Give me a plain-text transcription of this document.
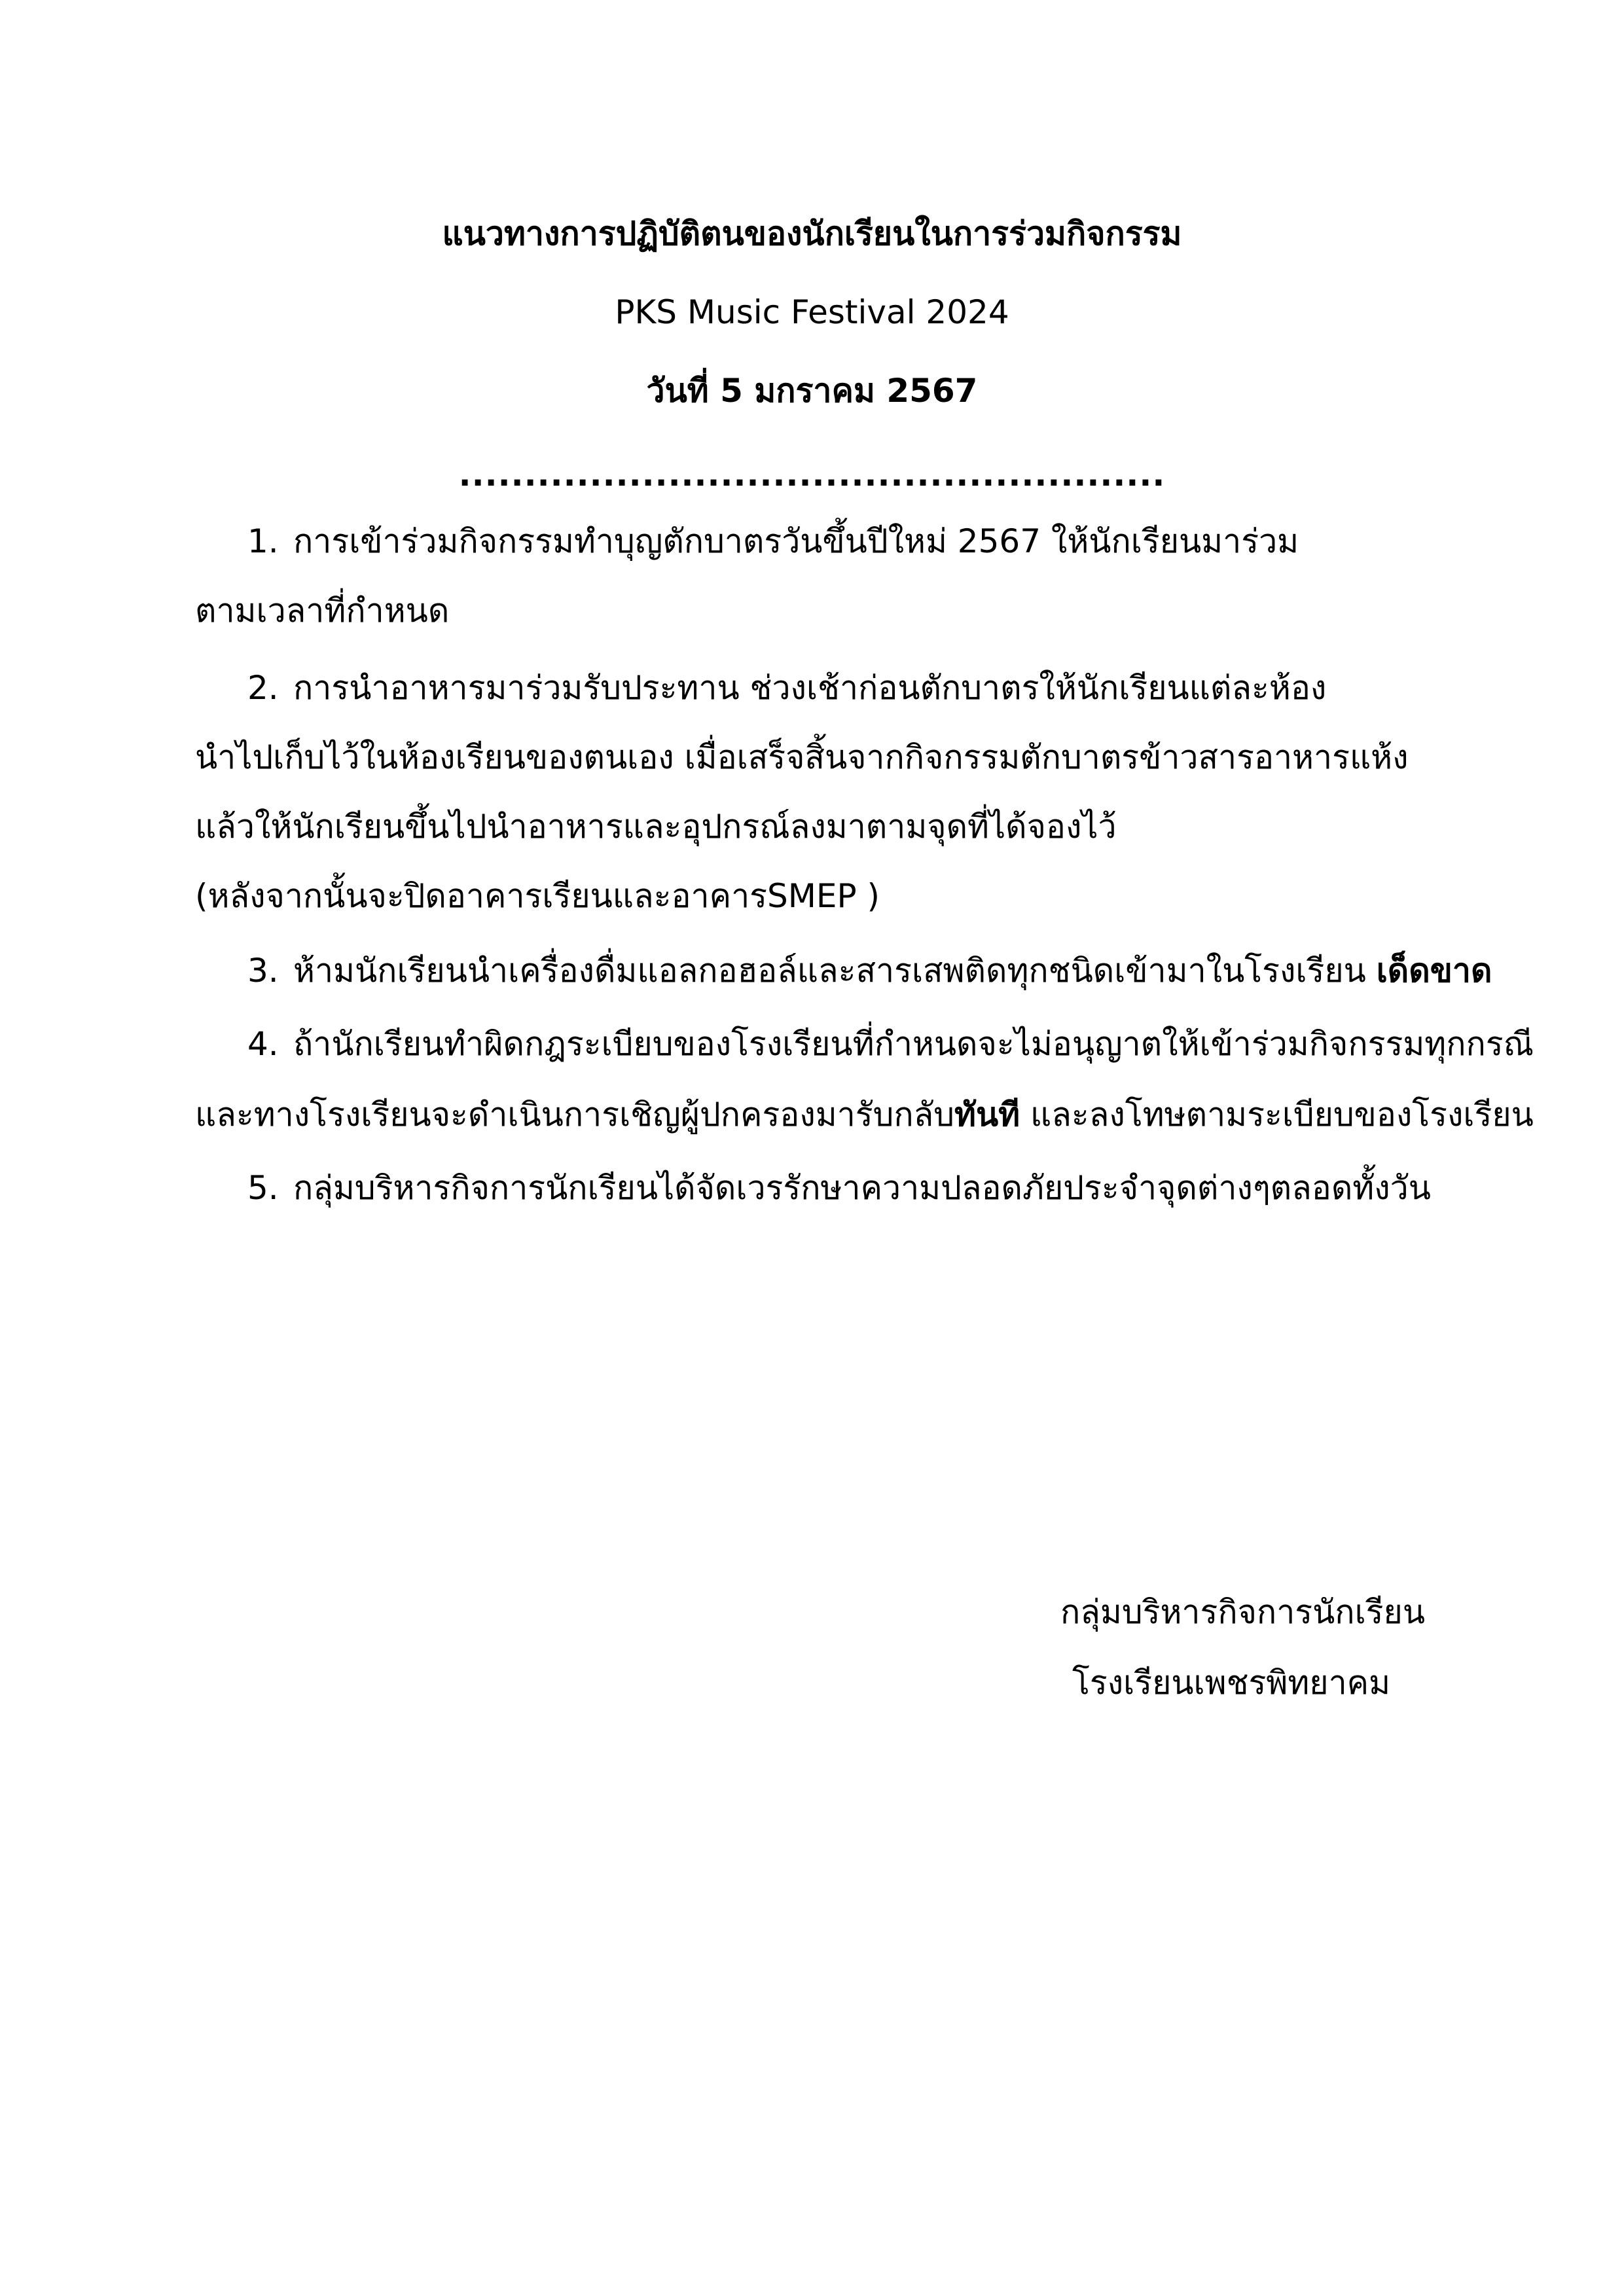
แนวทางการปฏิบัติตนของนักเรียนในการร่วมกิจกรรม
PKS Music Festival 2024
วันที่ 5 มกราคม 2567
......................................................
1. การเข้าร่วมกิจกรรมทำบุญตักบาตรวันขึ้นปีใหม่ 2567 ให้นักเรียนมาร่วม
ตามเวลาที่กำหนด
2. การนำอาหารมาร่วมรับประทาน ช่วงเช้าก่อนตักบาตรให้นักเรียนแต่ละห้อง
นำไปเก็บไว้ในห้องเรียนของตนเอง เมื่อเสร็จสิ้นจากกิจกรรมตักบาตรข้าวสารอาหารแห้ง
แล้วให้นักเรียนขึ้นไปนำอาหารและอุปกรณ์ลงมาตามจุดที่ได้จองไว้
(หลังจากนั้นจะปิดอาคารเรียนและอาคารSMEP )
3. ห้ามนักเรียนนำเครื่องดื่มแอลกอฮอล์และสารเสพติดทุกชนิดเข้ามาในโรงเรียน เด็ดขาด
4. ถ้านักเรียนทำผิดกฎระเบียบของโรงเรียนที่กำหนดจะไม่อนุญาตให้เข้าร่วมกิจกรรมทุกกรณี
และทางโรงเรียนจะดำเนินการเชิญผู้ปกครองมารับกลับทันที และลงโทษตามระเบียบของโรงเรียน
5. กลุ่มบริหารกิจการนักเรียนได้จัดเวรรักษาความปลอดภัยประจำจุดต่างๆตลอดทั้งวัน
กลุ่มบริหารกิจการนักเรียน
โรงเรียนเพชรพิทยาคม
